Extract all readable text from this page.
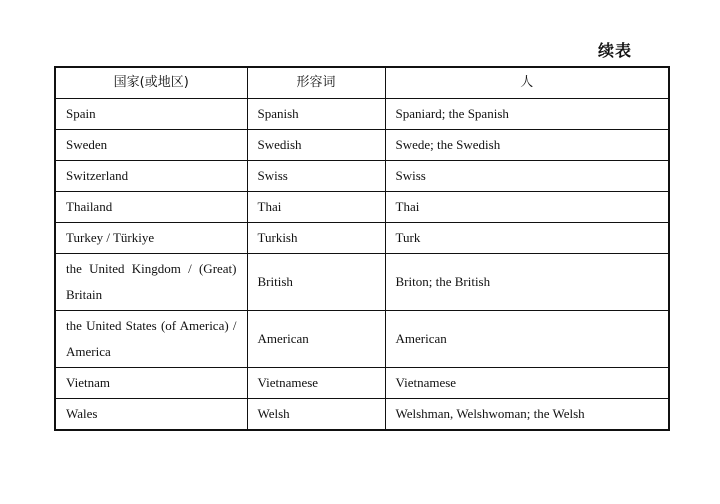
续表
国家(或地区)	形容词	人
Spain	Spanish	Spaniard; the Spanish
Sweden	Swedish	Swede; the Swedish
Switzerland	Swiss	Swiss
Thailand	Thai	Thai
Turkey / Türkiye	Turkish	Turk
the United Kingdom / (Great) Britain	British	Briton; the British
the United States (of America) / America	American	American
Vietnam	Vietnamese	Vietnamese
Wales	Welsh	Welshman, Welshwoman; the Welsh
